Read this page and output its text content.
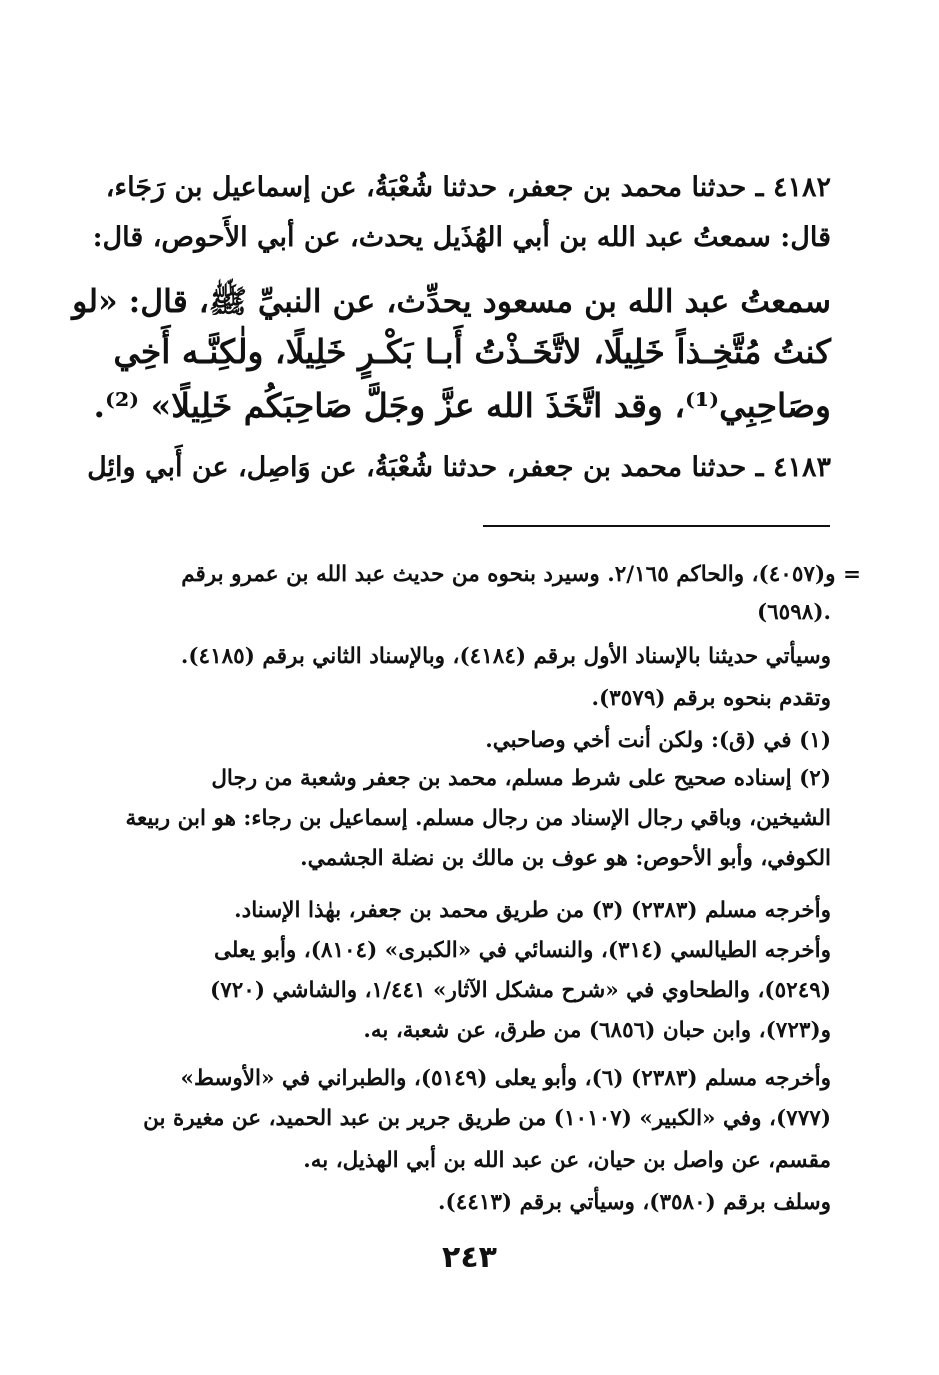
٤١٨٢ ـ حدثنا محمد بن جعفر، حدثنا شُعْبَةُ، عن إسماعيل بن رَجَاء،
قال: سمعتُ عبد الله بن أبي الهُذَيل يحدث، عن أبي الأَحوص، قال:
سمعتُ عبد الله بن مسعود يحدِّث، عن النبيِّ ﷺ، قال: «لو
كنتُ مُتَّخِـذاً خَلِيلًا، لاتَّخَـذْتُ أَبـا بَكْـرٍ خَلِيلًا، ولٰكِنَّـه أَخِي
وصَاحِبِي⁽¹⁾، وقد اتَّخَذَ الله عزَّ وجَلَّ صَاحِبَكُم خَلِيلًا» ⁽²⁾.
٤١٨٣ ـ حدثنا محمد بن جعفر، حدثنا شُعْبَةُ، عن وَاصِل، عن أَبي وائِل
= و(٤٠٥٧)، والحاكم ٢/١٦٥. وسيرد بنحوه من حديث عبد الله بن عمرو برقم
(٦٥٩٨).
وسيأتي حديثنا بالإسناد الأول برقم (٤١٨٤)، وبالإسناد الثاني برقم (٤١٨٥).
وتقدم بنحوه برقم (٣٥٧٩).
(١) في (ق): ولكن أنت أخي وصاحبي.
(٢) إسناده صحيح على شرط مسلم، محمد بن جعفر وشعبة من رجال
الشيخين، وباقي رجال الإسناد من رجال مسلم. إسماعيل بن رجاء: هو ابن ربيعة
الكوفي، وأبو الأحوص: هو عوف بن مالك بن نضلة الجشمي.
وأخرجه مسلم (٢٣٨٣) (٣) من طريق محمد بن جعفر، بهٰذا الإسناد.
وأخرجه الطيالسي (٣١٤)، والنسائي في «الكبرى» (٨١٠٤)، وأبو يعلى
(٥٢٤٩)، والطحاوي في «شرح مشكل الآثار» ١/٤٤١، والشاشي (٧٢٠)
و(٧٢٣)، وابن حبان (٦٨٥٦) من طرق، عن شعبة، به.
وأخرجه مسلم (٢٣٨٣) (٦)، وأبو يعلى (٥١٤٩)، والطبراني في «الأوسط»
(٧٧٧)، وفي «الكبير» (١٠١٠٧) من طريق جرير بن عبد الحميد، عن مغيرة بن
مقسم، عن واصل بن حيان، عن عبد الله بن أبي الهذيل، به.
وسلف برقم (٣٥٨٠)، وسيأتي برقم (٤٤١٣).
٢٤٣
